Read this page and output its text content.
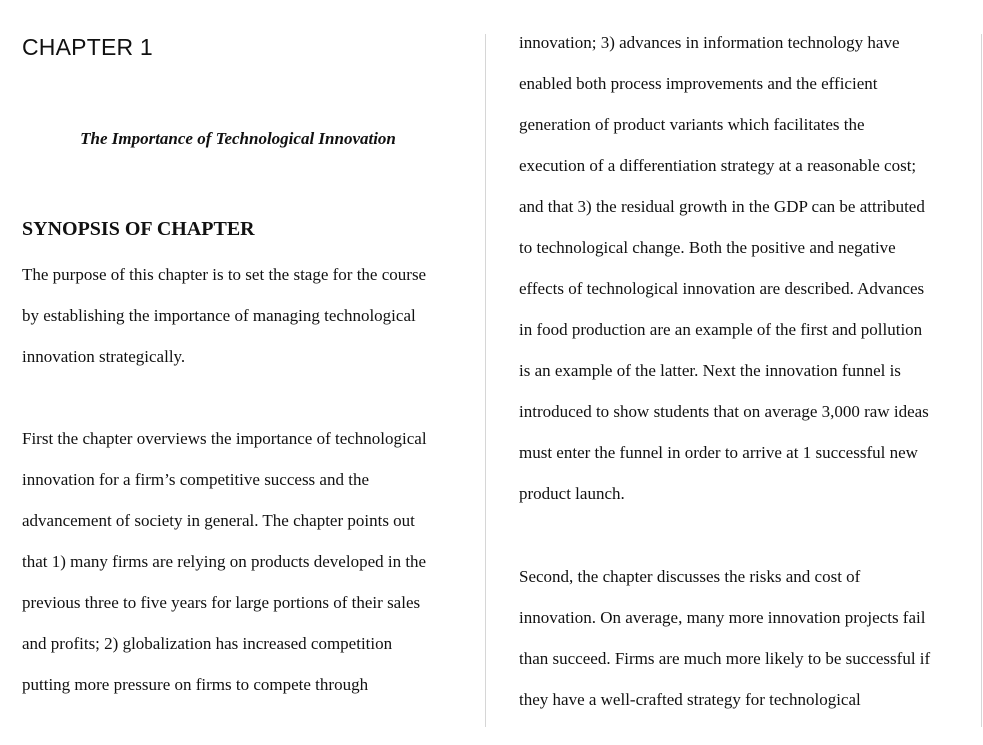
CHAPTER 1
The Importance of Technological Innovation
SYNOPSIS OF CHAPTER
The purpose of this chapter is to set the stage for the course
by establishing the importance of managing technological
innovation strategically.
First the chapter overviews the importance of technological
innovation for a firm’s competitive success and the
advancement of society in general. The chapter points out
that 1) many firms are relying on products developed in the
previous three to five years for large portions of their sales
and profits; 2) globalization has increased competition
putting more pressure on firms to compete through
innovation; 3) advances in information technology have
enabled both process improvements and the efficient
generation of product variants which facilitates the
execution of a differentiation strategy at a reasonable cost;
and that 3) the residual growth in the GDP can be attributed
to technological change. Both the positive and negative
effects of technological innovation are described. Advances
in food production are an example of the first and pollution
is an example of the latter. Next the innovation funnel is
introduced to show students that on average 3,000 raw ideas
must enter the funnel in order to arrive at 1 successful new
product launch.
Second, the chapter discusses the risks and cost of
innovation. On average, many more innovation projects fail
than succeed. Firms are much more likely to be successful if
they have a well-crafted strategy for technological
